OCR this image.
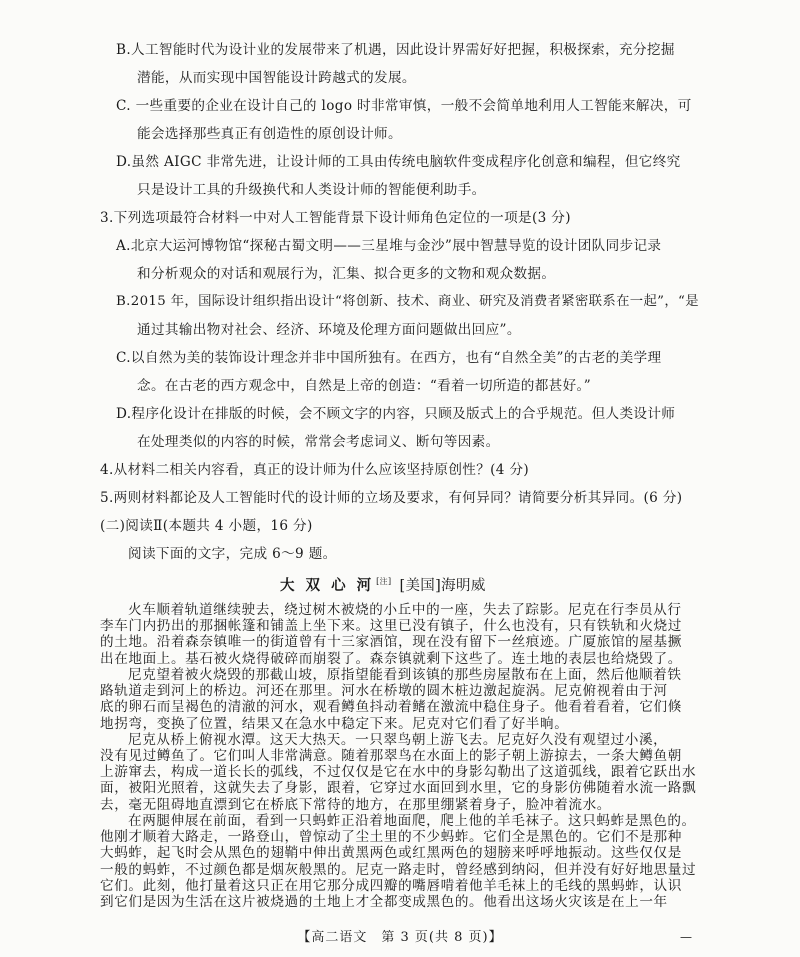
B.人工智能时代为设计业的发展带来了机遇，因此设计界需好好把握，积极探索，充分挖掘
潜能，从而实现中国智能设计跨越式的发展。
C. 一些重要的企业在设计自己的 logo 时非常审慎，一般不会简单地利用人工智能来解决，可
能会选择那些真正有创造性的原创设计师。
D.虽然 AIGC 非常先进，让设计师的工具由传统电脑软件变成程序化创意和编程，但它终究
只是设计工具的升级换代和人类设计师的智能便利助手。
3.下列选项最符合材料一中对人工智能背景下设计师角色定位的一项是(3 分)
A.北京大运河博物馆“探秘古蜀文明——三星堆与金沙”展中智慧导览的设计团队同步记录
和分析观众的对话和观展行为，汇集、拟合更多的文物和观众数据。
B.2015 年，国际设计组织指出设计“将创新、技术、商业、研究及消费者紧密联系在一起”，“是
通过其输出物对社会、经济、环境及伦理方面问题做出回应”。
C.以自然为美的装饰设计理念并非中国所独有。在西方，也有“自然全美”的古老的美学理
念。在古老的西方观念中，自然是上帝的创造：“看着一切所造的都甚好。”
D.程序化设计在排版的时候，会不顾文字的内容，只顾及版式上的合乎规范。但人类设计师
在处理类似的内容的时候，常常会考虑词义、断句等因素。
4.从材料二相关内容看，真正的设计师为什么应该坚持原创性？(4 分)
5.两则材料都论及人工智能时代的设计师的立场及要求，有何异同？请简要分析其异同。(6 分)
(二)阅读Ⅱ(本题共 4 小题，16 分)
阅读下面的文字，完成 6～9 题。
大 双 心 河 [注] [美国]海明威
火车顺着轨道继续驶去，绕过树木被烧的小丘中的一座，失去了踪影。尼克在行李员从行
李车门内扔出的那捆帐篷和铺盖上坐下来。这里已没有镇子，什么也没有，只有铁轨和火烧过
的土地。沿着森奈镇唯一的街道曾有十三家酒馆，现在没有留下一丝痕迹。广厦旅馆的屋基撅
出在地面上。基石被火烧得破碎而崩裂了。森奈镇就剩下这些了。连土地的表层也给烧毁了。
尼克望着被火烧毁的那截山坡，原指望能看到该镇的那些房屋散布在上面，然后他顺着铁
路轨道走到河上的桥边。河还在那里。河水在桥墩的圆木桩边激起旋涡。尼克俯视着由于河
底的卵石而呈褐色的清澈的河水，观看鳟鱼抖动着鳍在激流中稳住身子。他看着看着，它们倏
地拐弯，变换了位置，结果又在急水中稳定下来。尼克对它们看了好半晌。
尼克从桥上俯视水潭。这天大热天。一只翠鸟朝上游飞去。尼克好久没有观望过小溪，
没有见过鳟鱼了。它们叫人非常满意。随着那翠鸟在水面上的影子朝上游掠去，一条大鳟鱼朝
上游窜去，构成一道长长的弧线，不过仅仅是它在水中的身影勾勒出了这道弧线，跟着它跃出水
面，被阳光照着，这就失去了身影，跟着，它穿过水面回到水里，它的身影仿佛随着水流一路飘
去，毫无阻碍地直漂到它在桥底下常待的地方，在那里绷紧着身子，脸冲着流水。
在两腿伸展在前面，看到一只蚂蚱正沿着地面爬，爬上他的羊毛袜子。这只蚂蚱是黑色的。
他刚才顺着大路走，一路登山，曾惊动了尘土里的不少蚂蚱。它们全是黑色的。它们不是那种
大蚂蚱，起飞时会从黑色的翅鞘中伸出黄黑两色或红黑两色的翅膀来呼呼地振动。这些仅仅是
一般的蚂蚱，不过颜色都是烟灰般黑的。尼克一路走时，曾经感到纳闷，但并没有好好地思量过
它们。此刻，他打量着这只正在用它那分成四瓣的嘴唇啃着他羊毛袜上的毛线的黑蚂蚱，认识
到它们是因为生活在这片被烧過的土地上才全都变成黑色的。他看出这场火灾该是在上一年
【高二语文　第 3 页(共 8 页)】	—
